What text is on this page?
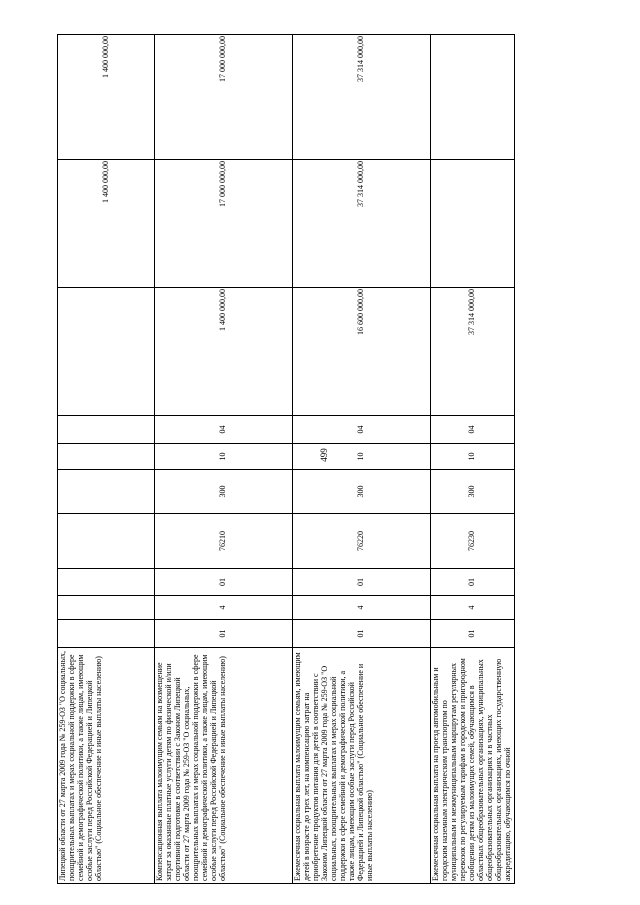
499
Липецкой области от 27 марта 2009 года № 259-ОЗ "О социальных, поощрительных выплатах и мерах социальной поддержки в сфере семейной и демографической политики, а также лицам, имеющим особые заслуги перед Российской Федерацией и Липецкой областью" (Социальное обеспечение и иные выплаты населению)									1 400 000,00	1 400 000,00
Компенсационная выплата малоимущим семьям на возмещение затрат за оказанные платные услуги детям по физической и/или спортивной подготовке в соответствии с Законом Липецкой области от 27 марта 2009 года № 259-ОЗ "О социальных, поощрительных выплатах и мерах социальной поддержки в сфере семейной и демографической политики, а также лицам, имеющим особые заслуги перед Российской Федерацией и Липецкой областью" (Социальное обеспечение и иные выплаты населению)	01	4	01	76210	300	10	04	1 400 000,00	17 000 000,00	17 000 000,00
Ежемесячная социальная выплата малоимущим семьям, имеющим детей в возрасте до трех лет, на компенсацию затрат на приобретение продуктов питания для детей в соответствии с Законом Липецкой области от 27 марта 2009 года № 259-ОЗ "О социальных, поощрительных выплатах и мерах социальной поддержки в сфере семейной и демографической политики, а также лицам, имеющим особые заслуги перед Российской Федерацией и Липецкой областью" (Социальное обеспечение и иные выплаты населению)	01	4	01	76220	300	10	04	16 600 000,00	37 314 000,00	37 314 000,00
Ежемесячная социальная выплата на проезд автомобильным и городским наземным электрическим транспортом по муниципальным и межмуниципальным маршрутам регулярных перевозок по регулируемым тарифам в городском и пригородном сообщении детям из малоимущих семей, обучающимся в областных общеобразовательных организациях, муниципальных общеобразовательных организациях и в частных общеобразовательных организациях, имеющих государственную аккредитацию, обучающимся по очной	01	4	01	76230	300	10	04	37 314 000,00		
